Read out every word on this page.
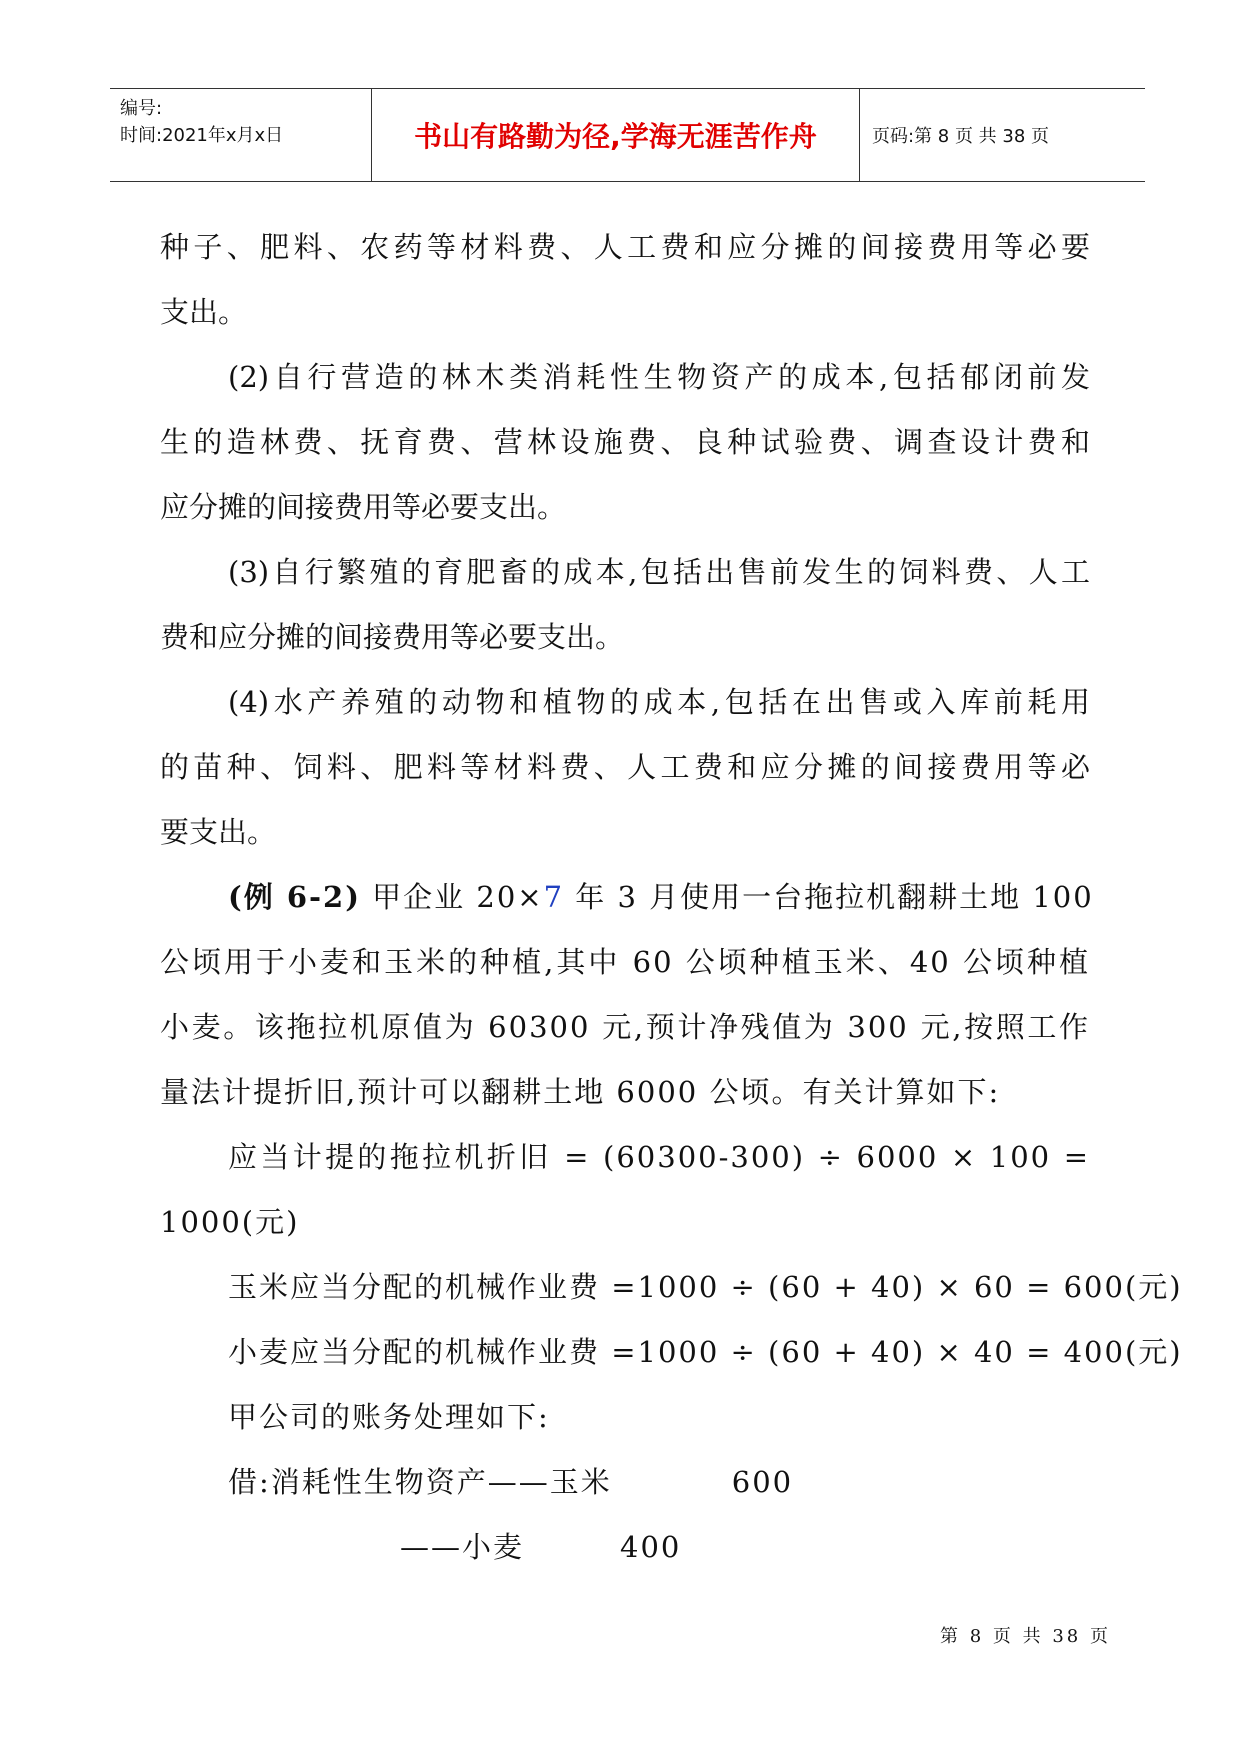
编号:
时间:2021年x月x日	书山有路勤为径,学海无涯苦作舟	页码:第 8 页 共 38 页
种子、肥料、农药等材料费、人工费和应分摊的间接费用等必要
支出。
(2)自行营造的林木类消耗性生物资产的成本,包括郁闭前发
生的造林费、抚育费、营林设施费、良种试验费、调查设计费和
应分摊的间接费用等必要支出。
(3)自行繁殖的育肥畜的成本,包括出售前发生的饲料费、人工
费和应分摊的间接费用等必要支出。
(4)水产养殖的动物和植物的成本,包括在出售或入库前耗用
的苗种、饲料、肥料等材料费、人工费和应分摊的间接费用等必
要支出。
(例 6-2) 甲企业 20×7 年 3 月使用一台拖拉机翻耕土地 100
公顷用于小麦和玉米的种植,其中 60 公顷种植玉米、40 公顷种植
小麦。该拖拉机原值为 60300 元,预计净残值为 300 元,按照工作
量法计提折旧,预计可以翻耕土地 6000 公顷。有关计算如下:
应当计提的拖拉机折旧 = (60300-300) ÷ 6000 × 100 =
1000(元)
玉米应当分配的机械作业费 =1000 ÷ (60 + 40) × 60 = 600(元)
小麦应当分配的机械作业费 =1000 ÷ (60 + 40) × 40 = 400(元)
甲公司的账务处理如下:
借:消耗性生物资产——玉米	600
——小麦	400
第 8 页 共 38 页
